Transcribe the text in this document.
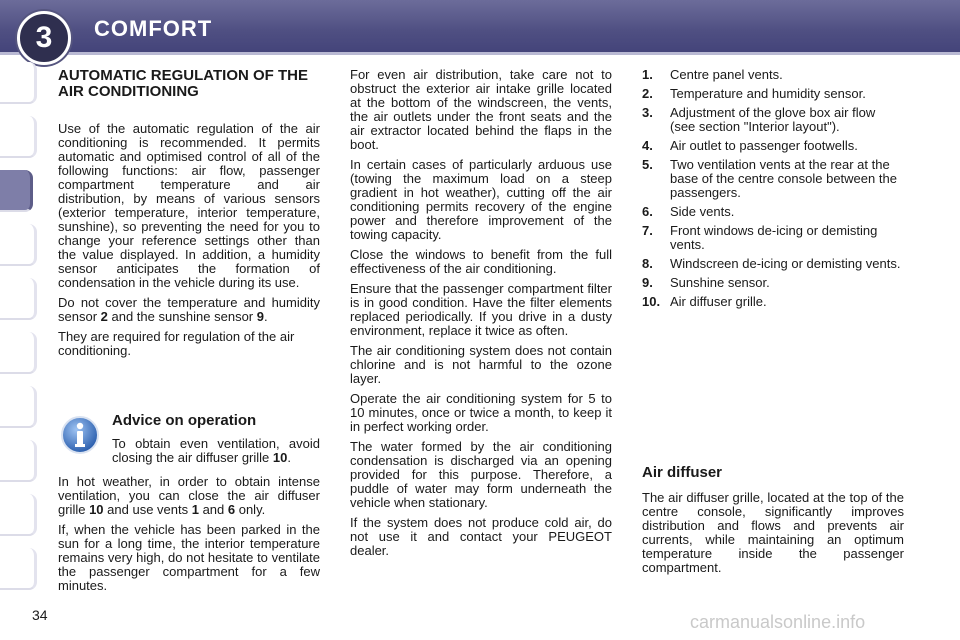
3	COMFORT

AUTOMATIC REGULATION OF THE AIR CONDITIONING

Use of the automatic regulation of the air conditioning is recommended. It permits automatic and optimised control of all of the following functions: air flow, passenger compartment temperature and air distribution, by means of various sensors (exterior temperature, interior temperature, sunshine), so preventing the need for you to change your reference settings other than the value displayed. In addition, a humidity sensor anticipates the formation of condensation in the vehicle during its use.

Do not cover the temperature and humidity sensor 2 and the sunshine sensor 9.

They are required for regulation of the air conditioning.

Advice on operation

To obtain even ventilation, avoid closing the air diffuser grille 10.

In hot weather, in order to obtain intense ventilation, you can close the air diffuser grille 10 and use vents 1 and 6 only.

If, when the vehicle has been parked in the sun for a long time, the interior temperature remains very high, do not hesitate to ventilate the passenger compartment for a few minutes.

For even air distribution, take care not to obstruct the exterior air intake grille located at the bottom of the windscreen, the vents, the air outlets under the front seats and the air extractor located behind the flaps in the boot.

In certain cases of particularly arduous use (towing the maximum load on a steep gradient in hot weather), cutting off the air conditioning permits recovery of the engine power and therefore improvement of the towing capacity.

Close the windows to benefit from the full effectiveness of the air conditioning.

Ensure that the passenger compartment filter is in good condition. Have the filter elements replaced periodically. If you drive in a dusty environment, replace it twice as often.

The air conditioning system does not contain chlorine and is not harmful to the ozone layer.

Operate the air conditioning system for 5 to 10 minutes, once or twice a month, to keep it in perfect working order.

The water formed by the air conditioning condensation is discharged via an opening provided for this purpose. Therefore, a puddle of water may form underneath the vehicle when stationary.

If the system does not produce cold air, do not use it and contact your PEUGEOT dealer.

1. Centre panel vents.
2. Temperature and humidity sensor.
3. Adjustment of the glove box air flow (see section "Interior layout").
4. Air outlet to passenger footwells.
5. Two ventilation vents at the rear at the base of the centre console between the passengers.
6. Side vents.
7. Front windows de-icing or demisting vents.
8. Windscreen de-icing or demisting vents.
9. Sunshine sensor.
10. Air diffuser grille.

Air diffuser

The air diffuser grille, located at the top of the centre console, significantly improves distribution and flows and prevents air currents, while maintaining an optimum temperature inside the passenger compartment.

34	carmanualsonline.info
